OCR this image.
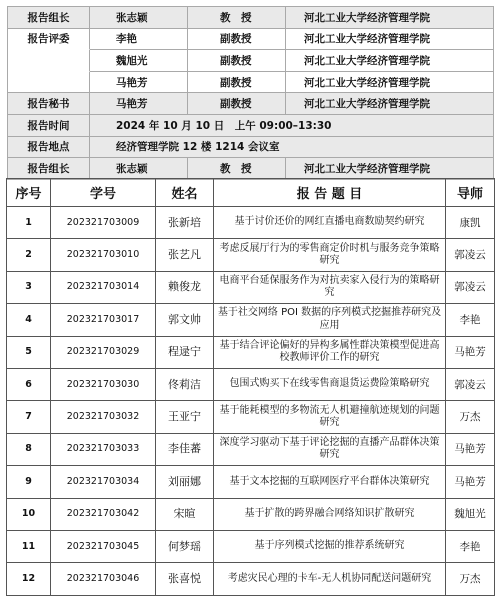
报告组长	张志颖	教　授	河北工业大学经济管理学院
报告评委	李艳	副教授	河北工业大学经济管理学院
魏旭光	副教授	河北工业大学经济管理学院
马艳芳	副教授	河北工业大学经济管理学院
报告秘书	马艳芳	副教授	河北工业大学经济管理学院
报告时间	2024 年 10 月 10 日　上午 09:00–13:30
报告地点	经济管理学院 12 楼 1214 会议室
报告组长	张志颖	教　授	河北工业大学经济管理学院
序号	学号	姓名	报 告 题 目	导师
1	202321703009	张新培	基于讨价还价的网红直播电商数励契约研究	康凯
2	202321703010	张艺凡	考虑反展厅行为的零售商定价时机与服务竞争策略研究	郭凌云
3	202321703014	赖俊龙	电商平台延保服务作为对抗卖家入侵行为的策略研究	郭凌云
4	202321703017	郭文帅	基于社交网络 POI 数据的序列模式挖掘推荐研究及应用	李艳
5	202321703029	程逯宁	基于结合评论偏好的异构多属性群决策模型促进高校教师评价工作的研究	马艳芳
6	202321703030	佟莉洁	包围式购买下在线零售商退货运费险策略研究	郭凌云
7	202321703032	王亚宁	基于能耗模型的多物流无人机避撞航迹规划的问题研究	万杰
8	202321703033	李佳蕃	深度学习驱动下基于评论挖掘的直播产品群体决策研究	马艳芳
9	202321703034	刘丽娜	基于文本挖掘的互联网医疗平台群体决策研究	马艳芳
10	202321703042	宋暄	基于扩散的跨界融合网络知识扩散研究	魏旭光
11	202321703045	何梦瑶	基于序列模式挖掘的推荐系统研究	李艳
12	202321703046	张喜悦	考虑灾民心理的卡车-无人机协同配送问题研究	万杰
